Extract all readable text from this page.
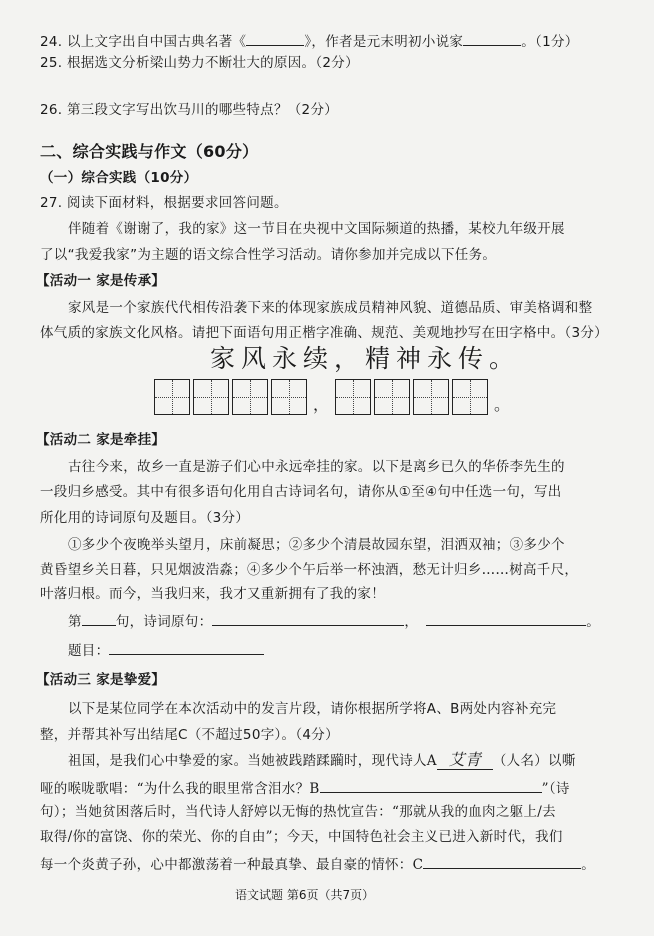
24. 以上文字出自中国古典名著《	》，作者是元末明初小说家	。（1分）
25. 根据选文分析梁山势力不断壮大的原因。（2分）
26. 第三段文字写出饮马川的哪些特点？（2分）
二、综合实践与作文（60分）
（一）综合实践（10分）
27. 阅读下面材料，根据要求回答问题。
伴随着《谢谢了，我的家》这一节目在央视中文国际频道的热播，某校九年级开展
了以“我爱我家”为主题的语文综合性学习活动。请你参加并完成以下任务。
【活动一 家是传承】
家风是一个家族代代相传沿袭下来的体现家族成员精神风貌、道德品质、审美格调和整
体气质的家族文化风格。请把下面语句用正楷字准确、规范、美观地抄写在田字格中。（3分）
家风永续，精神永传。
，	。
【活动二 家是牵挂】
古往今来，故乡一直是游子们心中永远牵挂的家。以下是离乡已久的华侨李先生的
一段归乡感受。其中有很多语句化用自古诗词名句，请你从①至④句中任选一句，写出
所化用的诗词原句及题目。（3分）
①多少个夜晚举头望月，床前凝思；②多少个清晨故园东望，泪洒双袖；③多少个
黄昏望乡关日暮，只见烟波浩淼；④多少个午后举一杯浊酒，愁无计归乡……树高千尺，
叶落归根。而今，当我归来，我才又重新拥有了我的家！
第	句，诗词原句：	，	。
题目：
【活动三 家是挚爱】
以下是某位同学在本次活动中的发言片段，请你根据所学将A、B两处内容补充完
整，并帮其补写出结尾C（不超过50字）。（4分）
祖国，是我们心中挚爱的家。当她被践踏蹂躏时，现代诗人A 艾青 （人名）以嘶
哑的喉咙歌唱：“为什么我的眼里常含泪水？B	”（诗
句）；当她贫困落后时，当代诗人舒婷以无悔的热忱宣告：“那就从我的血肉之躯上/去
取得/你的富饶、你的荣光、你的自由”；今天，中国特色社会主义已进入新时代，我们
每一个炎黄子孙，心中都激荡着一种最真挚、最自豪的情怀：C	。
语文试题 第6页（共7页）
